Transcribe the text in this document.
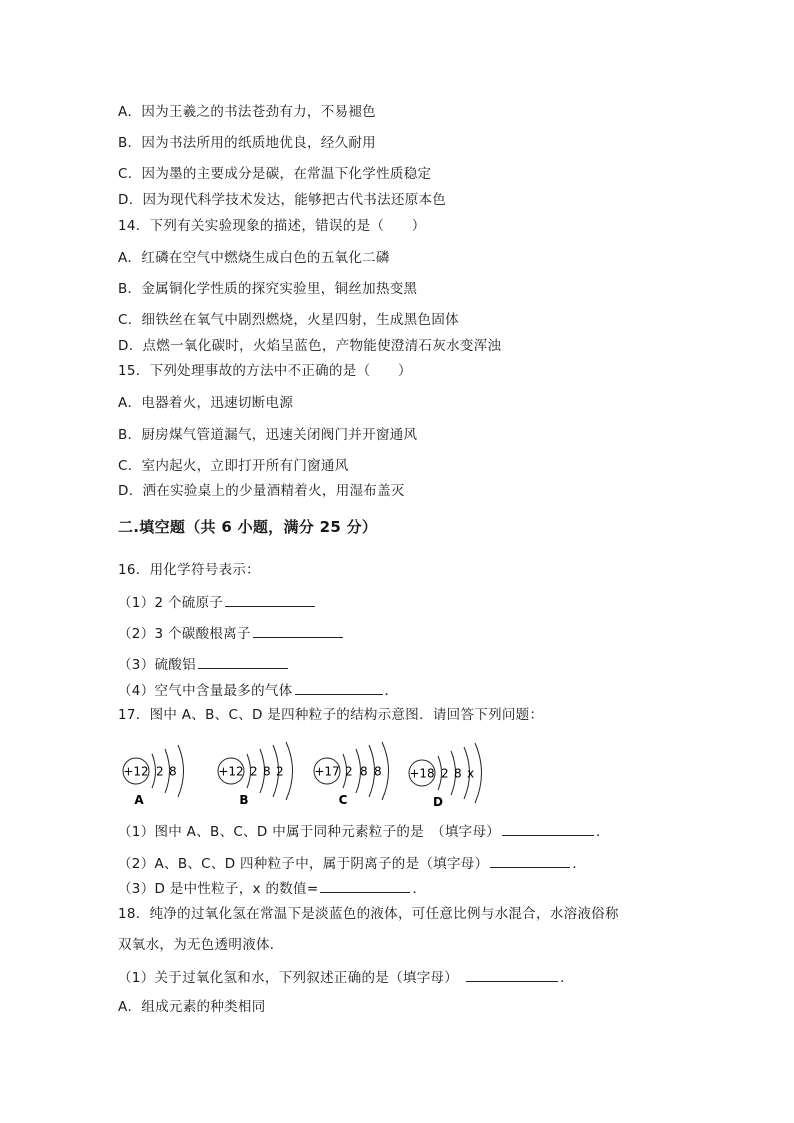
A．因为王羲之的书法苍劲有力，不易褪色
B．因为书法所用的纸质地优良，经久耐用
C．因为墨的主要成分是碳，在常温下化学性质稳定
D．因为现代科学技术发达，能够把古代书法还原本色
14．下列有关实验现象的描述，错误的是（　　）
A．红磷在空气中燃烧生成白色的五氧化二磷
B．金属铜化学性质的探究实验里，铜丝加热变黑
C．细铁丝在氧气中剧烈燃烧，火星四射，生成黑色固体
D．点燃一氧化碳时，火焰呈蓝色，产物能使澄清石灰水变浑浊
15．下列处理事故的方法中不正确的是（　　）
A．电器着火，迅速切断电源
B．厨房煤气管道漏气，迅速关闭阀门并开窗通风
C．室内起火，立即打开所有门窗通风
D．洒在实验桌上的少量酒精着火，用湿布盖灭
二.填空题（共 6 小题，满分 25 分）
16．用化学符号表示：
（1）2 个硫原子
（2）3 个碳酸根离子
（3）硫酸铝
（4）空气中含量最多的气体	．
17．图中 A、B、C、D 是四种粒子的结构示意图．请回答下列问题：
+12 2 8
A
+12 2 8 2
B
+17 2 8 8
C
+18 2 8 x
D
（1）图中 A、B、C、D 中属于同种元素粒子的是　（填字母）	．
（2）A、B、C、D 四种粒子中，属于阴离子的是（填字母）	．
（3）D 是中性粒子，x 的数值=	．
18．纯净的过氧化氢在常温下是淡蓝色的液体，可任意比例与水混合，水溶液俗称
双氧水，为无色透明液体．
（1）关于过氧化氢和水，下列叙述正确的是（填字母）	．
A．组成元素的种类相同
